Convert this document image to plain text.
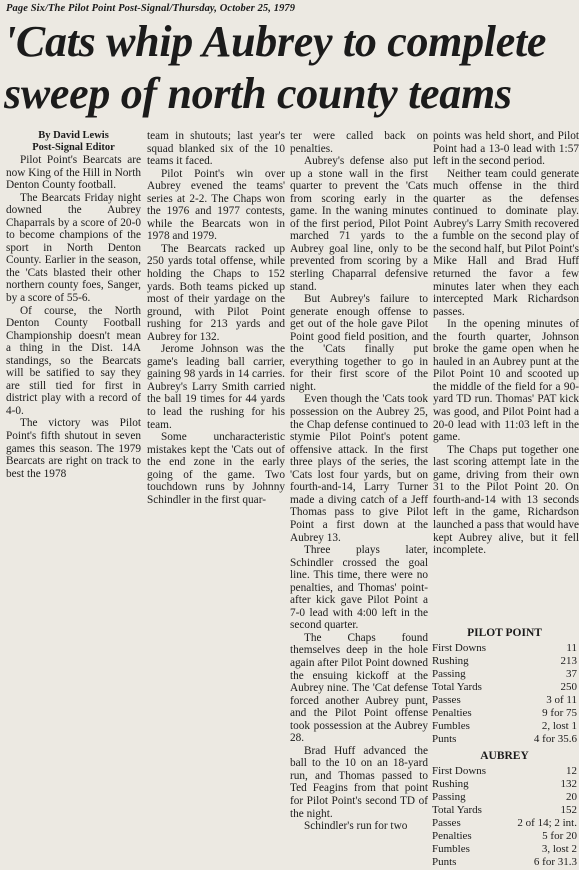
Page Six/The Pilot Point Post-Signal/Thursday, October 25, 1979
'Cats whip Aubrey to complete
sweep of north county teams

By David Lewis

Post-Signal Editor

Pilot Point's Bearcats are now King of the Hill in North Denton County football.

The Bearcats Friday night downed the Aubrey Chaparrals by a score of 20-0 to become champions of the sport in North Denton County. Earlier in the season, the 'Cats blasted their other northern county foes, Sanger, by a score of 55-6.

Of course, the North Denton County Football Championship doesn't mean a thing in the Dist. 14A standings, so the Bearcats will be satified to say they are still tied for first in district play with a record of 4-0.

The victory was Pilot Point's fifth shutout in seven games this season. The 1979 Bearcats are right on track to best the 1978

team in shutouts; last year's squad blanked six of the 10 teams it faced.

Pilot Point's win over Aubrey evened the teams' series at 2-2. The Chaps won the 1976 and 1977 contests, while the Bearcats won in 1978 and 1979.

The Bearcats racked up 250 yards total offense, while holding the Chaps to 152 yards. Both teams picked up most of their yardage on the ground, with Pilot Point rushing for 213 yards and Aubrey for 132.

Jerome Johnson was the game's leading ball carrier, gaining 98 yards in 14 carries. Aubrey's Larry Smith carried the ball 19 times for 44 yards to lead the rushing for his team.

Some uncharacteristic mistakes kept the 'Cats out of the end zone in the early going of the game. Two touchdown runs by Johnny Schindler in the first quar-

ter were called back on penalties.

Aubrey's defense also put up a stone wall in the first quarter to prevent the 'Cats from scoring early in the game. In the waning minutes of the first period, Pilot Point marched 71 yards to the Aubrey goal line, only to be prevented from scoring by a sterling Chaparral defensive stand.

But Aubrey's failure to generate enough offense to get out of the hole gave Pilot Point good field position, and the 'Cats finally put everything together to go in for their first score of the night.

Even though the 'Cats took possession on the Aubrey 25, the Chap defense continued to stymie Pilot Point's potent offensive attack. In the first three plays of the series, the 'Cats lost four yards, but on fourth-and-14, Larry Turner made a diving catch of a Jeff Thomas pass to give Pilot Point a first down at the Aubrey 13.

Three plays later, Schindler crossed the goal line. This time, there were no penalties, and Thomas' point-after kick gave Pilot Point a 7-0 lead with 4:00 left in the second quarter.

The Chaps found themselves deep in the hole again after Pilot Point downed the ensuing kickoff at the Aubrey nine. The 'Cat defense forced another Aubrey punt, and the Pilot Point offense took possession at the Aubrey 28.

Brad Huff advanced the ball to the 10 on an 18-yard run, and Thomas passed to Ted Feagins from that point for Pilot Point's second TD of the night.

Schindler's run for two

points was held short, and Pilot Point had a 13-0 lead with 1:57 left in the second period.

Neither team could generate much offense in the third quarter as the defenses continued to dominate play. Aubrey's Larry Smith recovered a fumble on the second play of the second half, but Pilot Point's Mike Hall and Brad Huff returned the favor a few minutes later when they each intercepted Mark Richardson passes.

In the opening minutes of the fourth quarter, Johnson broke the game open when he hauled in an Aubrey punt at the Pilot Point 10 and scooted up the middle of the field for a 90-yard TD run. Thomas' PAT kick was good, and Pilot Point had a 20-0 lead with 11:03 left in the game.

The Chaps put together one last scoring attempt late in the game, driving from their own 31 to the Pilot Point 20. On fourth-and-14 with 13 seconds left in the game, Richardson launched a pass that would have kept Aubrey alive, but it fell incomplete.

PILOT POINT
First Downs	11
Rushing	213
Passing	37
Total Yards	250
Passes	3 of 11
Penalties	9 for 75
Fumbles	2, lost 1
Punts	4 for 35.6
AUBREY
First Downs	12
Rushing	132
Passing	20
Total Yards	152
Passes	2 of 14; 2 int.
Penalties	5 for 20
Fumbles	3, lost 2
Punts	6 for 31.3
